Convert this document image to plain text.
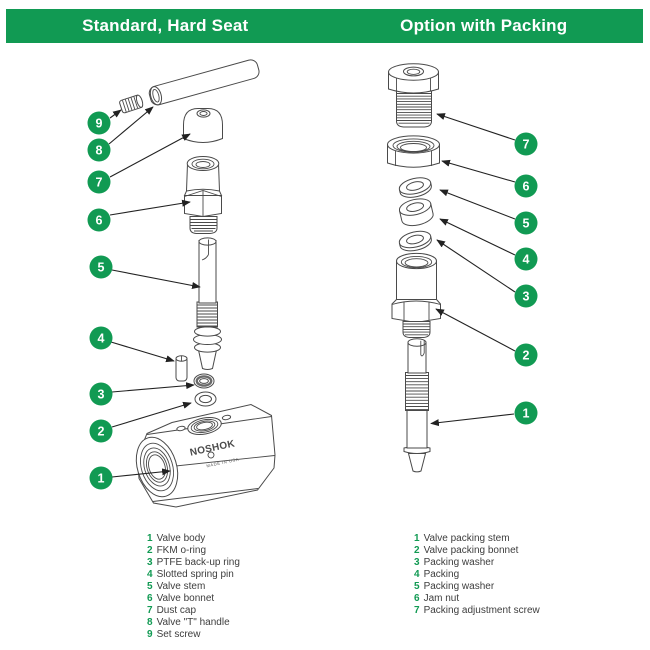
Standard, Hard Seat	Option with Packing
NOSHOK
MADE IN USA
9
8
7
6
5
4
3
2
1
7
6
5
4
3
2
1
1 Valve body
2 FKM o-ring
3 PTFE back-up ring
4 Slotted spring pin
5 Valve stem
6 Valve bonnet
7 Dust cap
8 Valve "T" handle
9 Set screw
1 Valve packing stem
2 Valve packing bonnet
3 Packing washer
4 Packing
5 Packing washer
6 Jam nut
7 Packing adjustment screw
